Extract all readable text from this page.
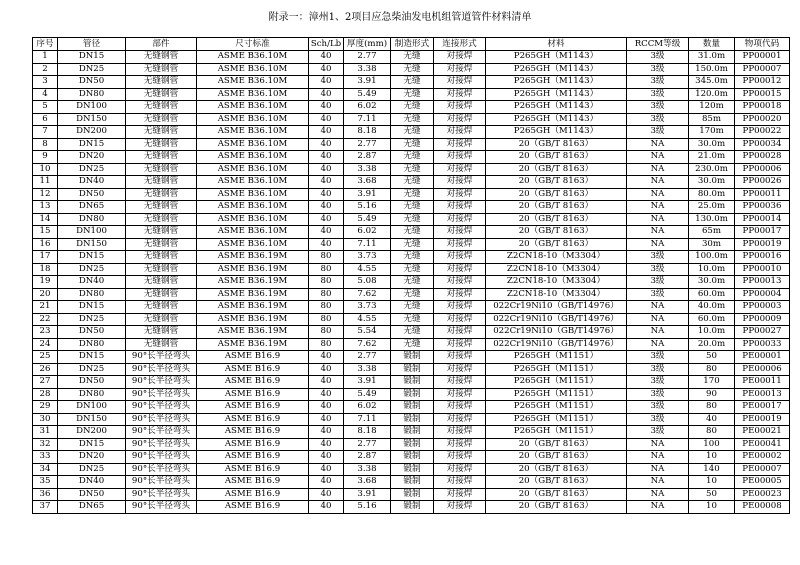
附录一：漳州1、2项目应急柴油发电机组管道管件材料清单
序号	管径	部件	尺寸标准	Sch/Lb	厚度(mm)	制造形式	连接形式	材料	RCCM等级	数量	物项代码
1	DN15	无缝钢管	ASME B36.10M	40	2.77	无缝	对接焊	P265GH（M1143）	3级	31.0m	PP00001
2	DN25	无缝钢管	ASME B36.10M	40	3.38	无缝	对接焊	P265GH（M1143）	3级	150.0m	PP00007
3	DN50	无缝钢管	ASME B36.10M	40	3.91	无缝	对接焊	P265GH（M1143）	3级	345.0m	PP00012
4	DN80	无缝钢管	ASME B36.10M	40	5.49	无缝	对接焊	P265GH（M1143）	3级	120.0m	PP00015
5	DN100	无缝钢管	ASME B36.10M	40	6.02	无缝	对接焊	P265GH（M1143）	3级	120m	PP00018
6	DN150	无缝钢管	ASME B36.10M	40	7.11	无缝	对接焊	P265GH（M1143）	3级	85m	PP00020
7	DN200	无缝钢管	ASME B36.10M	40	8.18	无缝	对接焊	P265GH（M1143）	3级	170m	PP00022
8	DN15	无缝钢管	ASME B36.10M	40	2.77	无缝	对接焊	20（GB/T 8163）	NA	30.0m	PP00034
9	DN20	无缝钢管	ASME B36.10M	40	2.87	无缝	对接焊	20（GB/T 8163）	NA	21.0m	PP00028
10	DN25	无缝钢管	ASME B36.10M	40	3.38	无缝	对接焊	20（GB/T 8163）	NA	230.0m	PP00006
11	DN40	无缝钢管	ASME B36.10M	40	3.68	无缝	对接焊	20（GB/T 8163）	NA	30.0m	PP00026
12	DN50	无缝钢管	ASME B36.10M	40	3.91	无缝	对接焊	20（GB/T 8163）	NA	80.0m	PP00011
13	DN65	无缝钢管	ASME B36.10M	40	5.16	无缝	对接焊	20（GB/T 8163）	NA	25.0m	PP00036
14	DN80	无缝钢管	ASME B36.10M	40	5.49	无缝	对接焊	20（GB/T 8163）	NA	130.0m	PP00014
15	DN100	无缝钢管	ASME B36.10M	40	6.02	无缝	对接焊	20（GB/T 8163）	NA	65m	PP00017
16	DN150	无缝钢管	ASME B36.10M	40	7.11	无缝	对接焊	20（GB/T 8163）	NA	30m	PP00019
17	DN15	无缝钢管	ASME B36.19M	80	3.73	无缝	对接焊	Z2CN18-10（M3304）	3级	100.0m	PP00016
18	DN25	无缝钢管	ASME B36.19M	80	4.55	无缝	对接焊	Z2CN18-10（M3304）	3级	10.0m	PP00010
19	DN40	无缝钢管	ASME B36.19M	80	5.08	无缝	对接焊	Z2CN18-10（M3304）	3级	30.0m	PP00013
20	DN80	无缝钢管	ASME B36.19M	80	7.62	无缝	对接焊	Z2CN18-10（M3304）	3级	60.0m	PP00004
21	DN15	无缝钢管	ASME B36.19M	80	3.73	无缝	对接焊	022Cr19Ni10（GB/T14976）	NA	40.0m	PP00003
22	DN25	无缝钢管	ASME B36.19M	80	4.55	无缝	对接焊	022Cr19Ni10（GB/T14976）	NA	60.0m	PP00009
23	DN50	无缝钢管	ASME B36.19M	80	5.54	无缝	对接焊	022Cr19Ni10（GB/T14976）	NA	10.0m	PP00027
24	DN80	无缝钢管	ASME B36.19M	80	7.62	无缝	对接焊	022Cr19Ni10（GB/T14976）	NA	20.0m	PP00033
25	DN15	90°长半径弯头	ASME B16.9	40	2.77	锻制	对接焊	P265GH（M1151）	3级	50	PE00001
26	DN25	90°长半径弯头	ASME B16.9	40	3.38	锻制	对接焊	P265GH（M1151）	3级	80	PE00006
27	DN50	90°长半径弯头	ASME B16.9	40	3.91	锻制	对接焊	P265GH（M1151）	3级	170	PE00011
28	DN80	90°长半径弯头	ASME B16.9	40	5.49	锻制	对接焊	P265GH（M1151）	3级	90	PE00013
29	DN100	90°长半径弯头	ASME B16.9	40	6.02	锻制	对接焊	P265GH（M1151）	3级	80	PE00017
30	DN150	90°长半径弯头	ASME B16.9	40	7.11	锻制	对接焊	P265GH（M1151）	3级	40	PE00019
31	DN200	90°长半径弯头	ASME B16.9	40	8.18	锻制	对接焊	P265GH（M1151）	3级	80	PE00021
32	DN15	90°长半径弯头	ASME B16.9	40	2.77	锻制	对接焊	20（GB/T 8163）	NA	100	PE00041
33	DN20	90°长半径弯头	ASME B16.9	40	2.87	锻制	对接焊	20（GB/T 8163）	NA	10	PE00002
34	DN25	90°长半径弯头	ASME B16.9	40	3.38	锻制	对接焊	20（GB/T 8163）	NA	140	PE00007
35	DN40	90°长半径弯头	ASME B16.9	40	3.68	锻制	对接焊	20（GB/T 8163）	NA	10	PE00005
36	DN50	90°长半径弯头	ASME B16.9	40	3.91	锻制	对接焊	20（GB/T 8163）	NA	50	PE00023
37	DN65	90°长半径弯头	ASME B16.9	40	5.16	锻制	对接焊	20（GB/T 8163）	NA	10	PE00008
